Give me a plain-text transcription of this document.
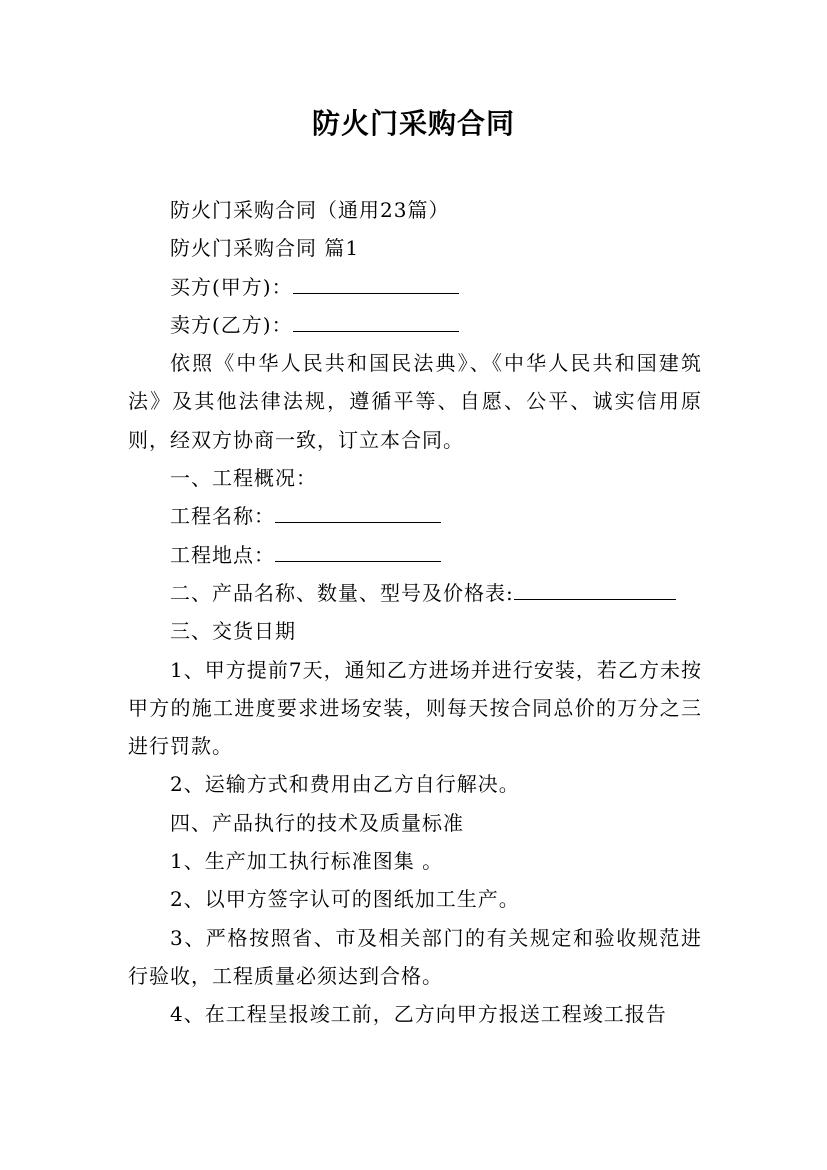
防火门采购合同

防火门采购合同（通用23篇）

防火门采购合同 篇1

买方(甲方)：

卖方(乙方)：

依照《中华人民共和国民法典》、《中华人民共和国建筑法》及其他法律法规，遵循平等、自愿、公平、诚实信用原则，经双方协商一致，订立本合同。

一、工程概况：

工程名称：

工程地点：

二、产品名称、数量、型号及价格表:

三、交货日期

1、甲方提前7天，通知乙方进场并进行安装，若乙方未按甲方的施工进度要求进场安装，则每天按合同总价的万分之三进行罚款。

2、运输方式和费用由乙方自行解决。

四、产品执行的技术及质量标准

1、生产加工执行标准图集 。

2、以甲方签字认可的图纸加工生产。

3、严格按照省、市及相关部门的有关规定和验收规范进行验收，工程质量必须达到合格。

4、在工程呈报竣工前，乙方向甲方报送工程竣工报告
